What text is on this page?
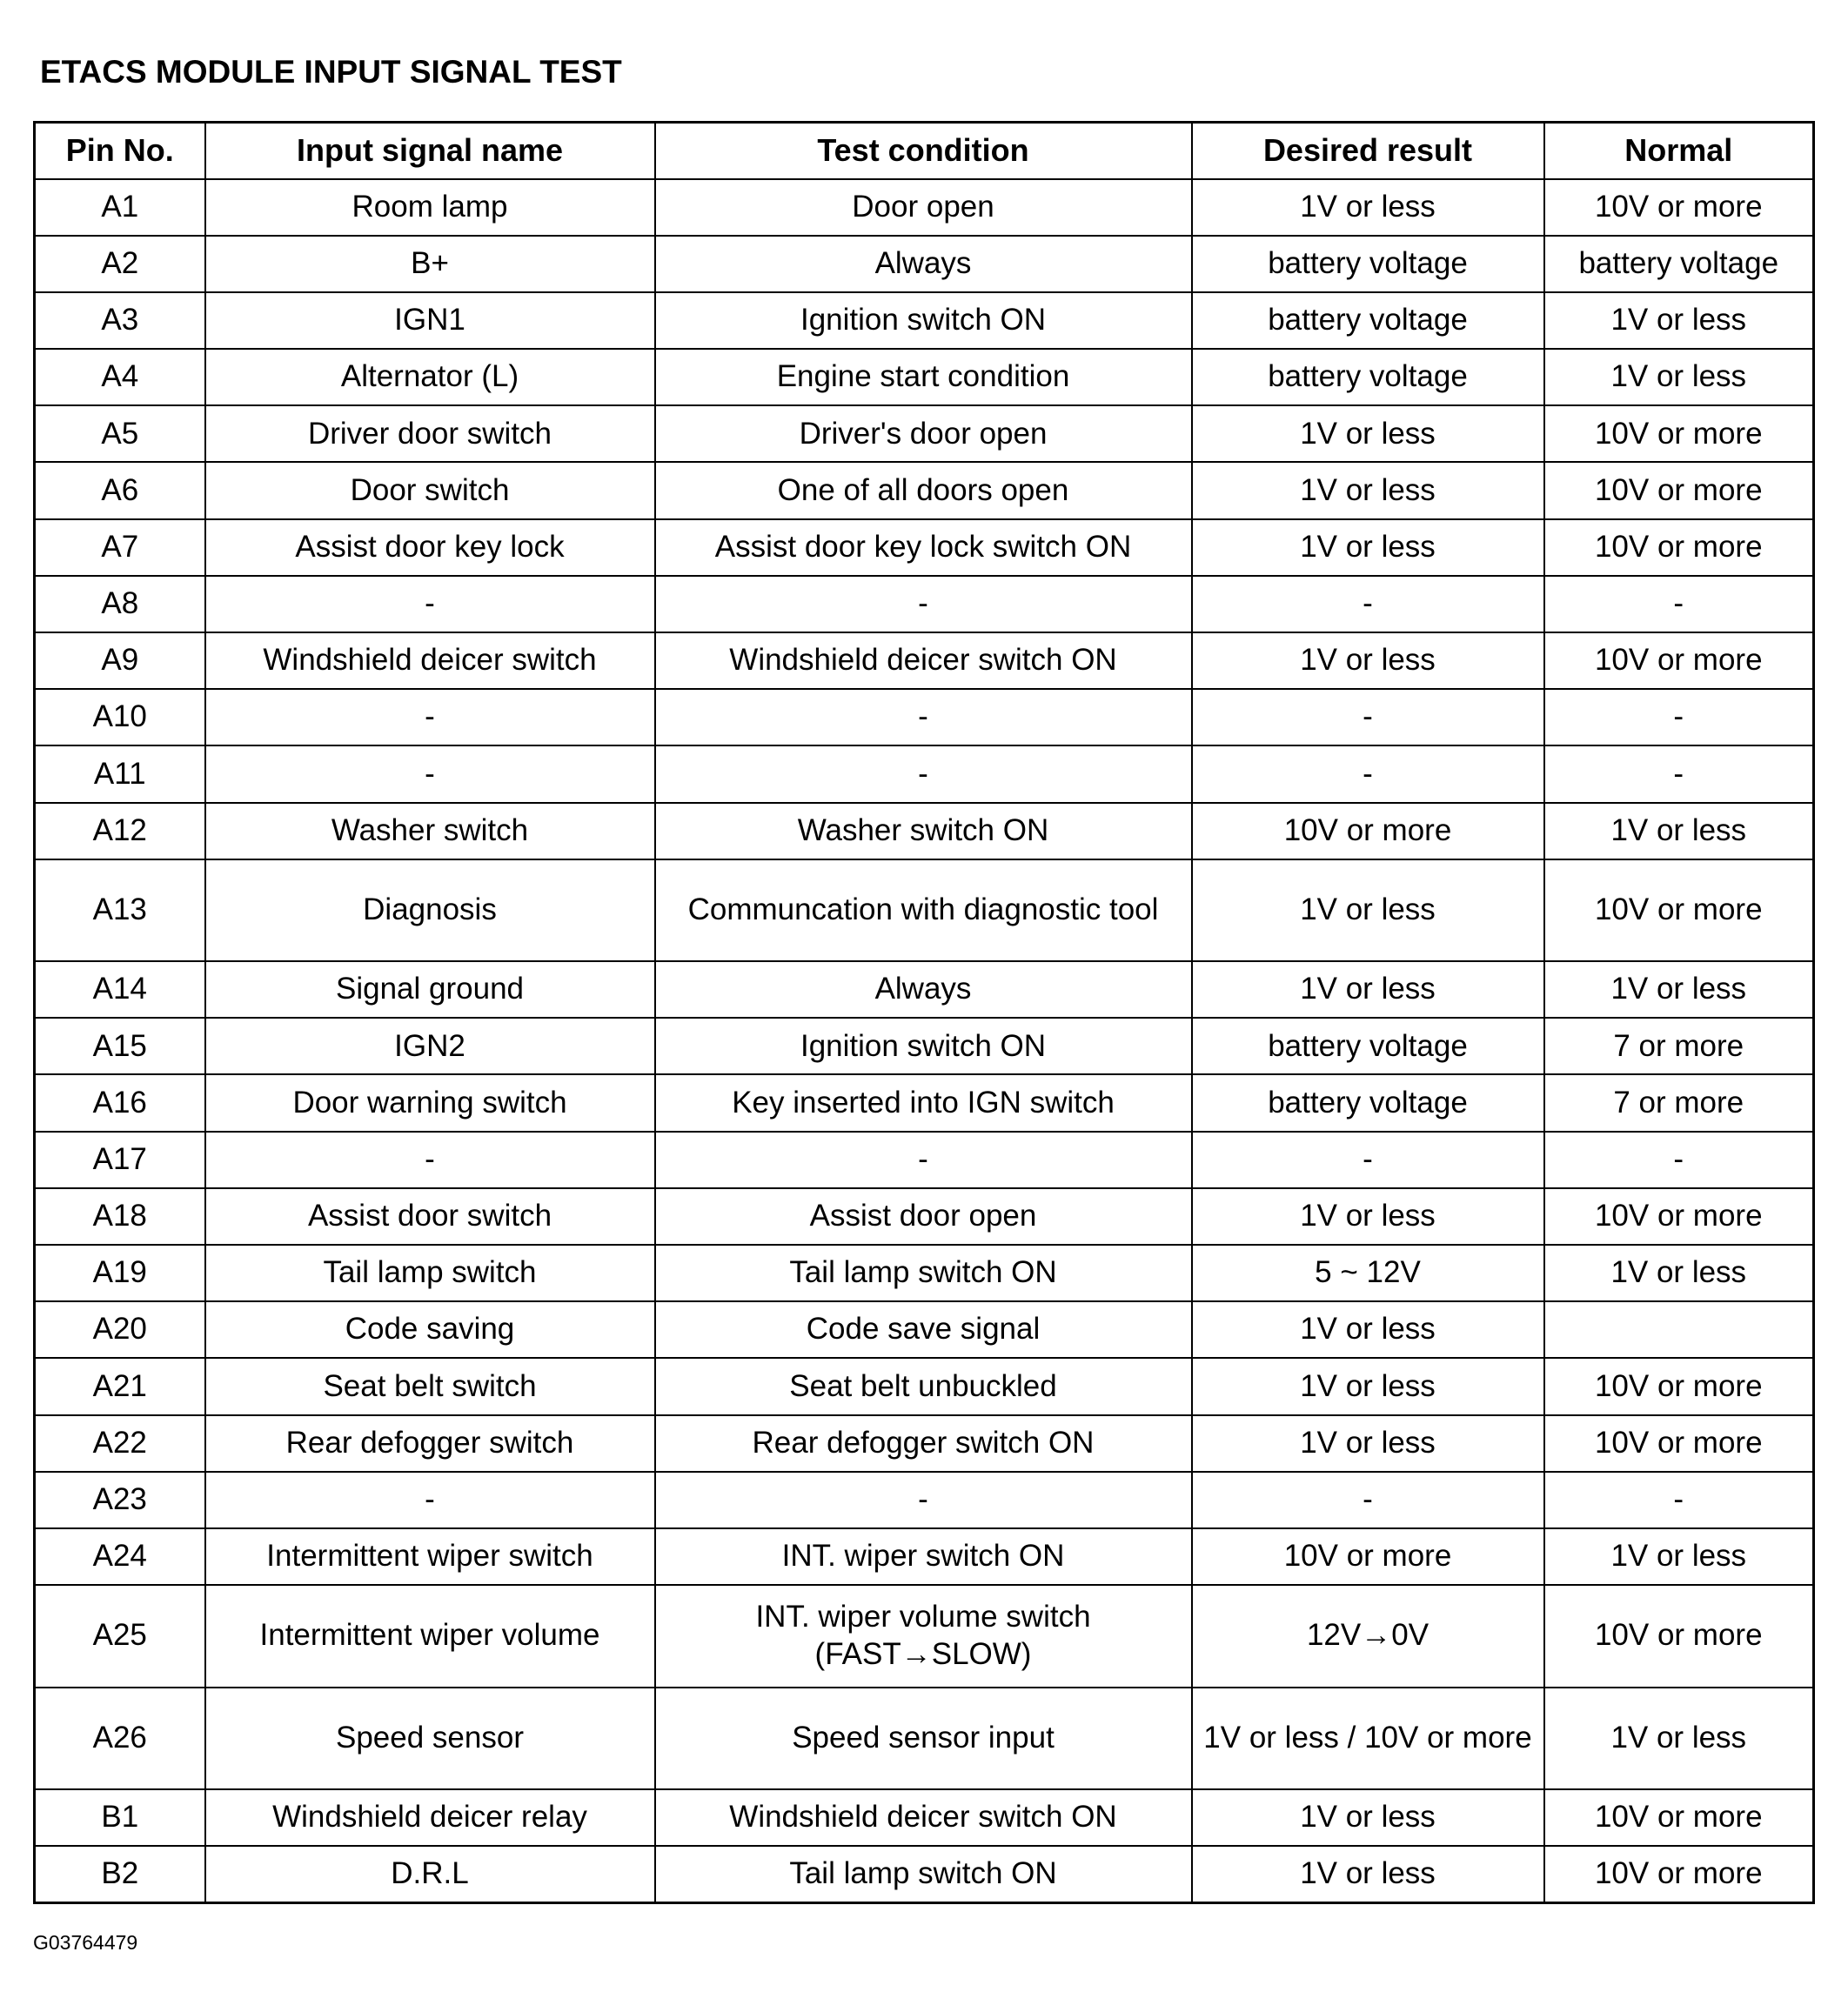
ETACS MODULE INPUT SIGNAL TEST
Pin No.	Input signal name	Test condition	Desired result	Normal
A1	Room lamp	Door open	1V or less	10V or more
A2	B+	Always	battery voltage	battery voltage
A3	IGN1	Ignition switch ON	battery voltage	1V or less
A4	Alternator (L)	Engine start condition	battery voltage	1V or less
A5	Driver door switch	Driver's door open	1V or less	10V or more
A6	Door switch	One of all doors open	1V or less	10V or more
A7	Assist door key lock	Assist door key lock switch ON	1V or less	10V or more
A8	-	-	-	-
A9	Windshield deicer switch	Windshield deicer switch ON	1V or less	10V or more
A10	-	-	-	-
A11	-	-	-	-
A12	Washer switch	Washer switch ON	10V or more	1V or less
A13	Diagnosis	Communcation with diagnostic tool	1V or less	10V or more
A14	Signal ground	Always	1V or less	1V or less
A15	IGN2	Ignition switch ON	battery voltage	7 or more
A16	Door warning switch	Key inserted into IGN switch	battery voltage	7 or more
A17	-	-	-	-
A18	Assist door switch	Assist door open	1V or less	10V or more
A19	Tail lamp switch	Tail lamp switch ON	5 ~ 12V	1V or less
A20	Code saving	Code save signal	1V or less	
A21	Seat belt switch	Seat belt unbuckled	1V or less	10V or more
A22	Rear defogger switch	Rear defogger switch ON	1V or less	10V or more
A23	-	-	-	-
A24	Intermittent wiper switch	INT. wiper switch ON	10V or more	1V or less
A25	Intermittent wiper volume	INT. wiper volume switch (FAST→SLOW)	12V→0V	10V or more
A26	Speed sensor	Speed sensor input	1V or less / 10V or more	1V or less
B1	Windshield deicer relay	Windshield deicer switch ON	1V or less	10V or more
B2	D.R.L	Tail lamp switch ON	1V or less	10V or more
G03764479
